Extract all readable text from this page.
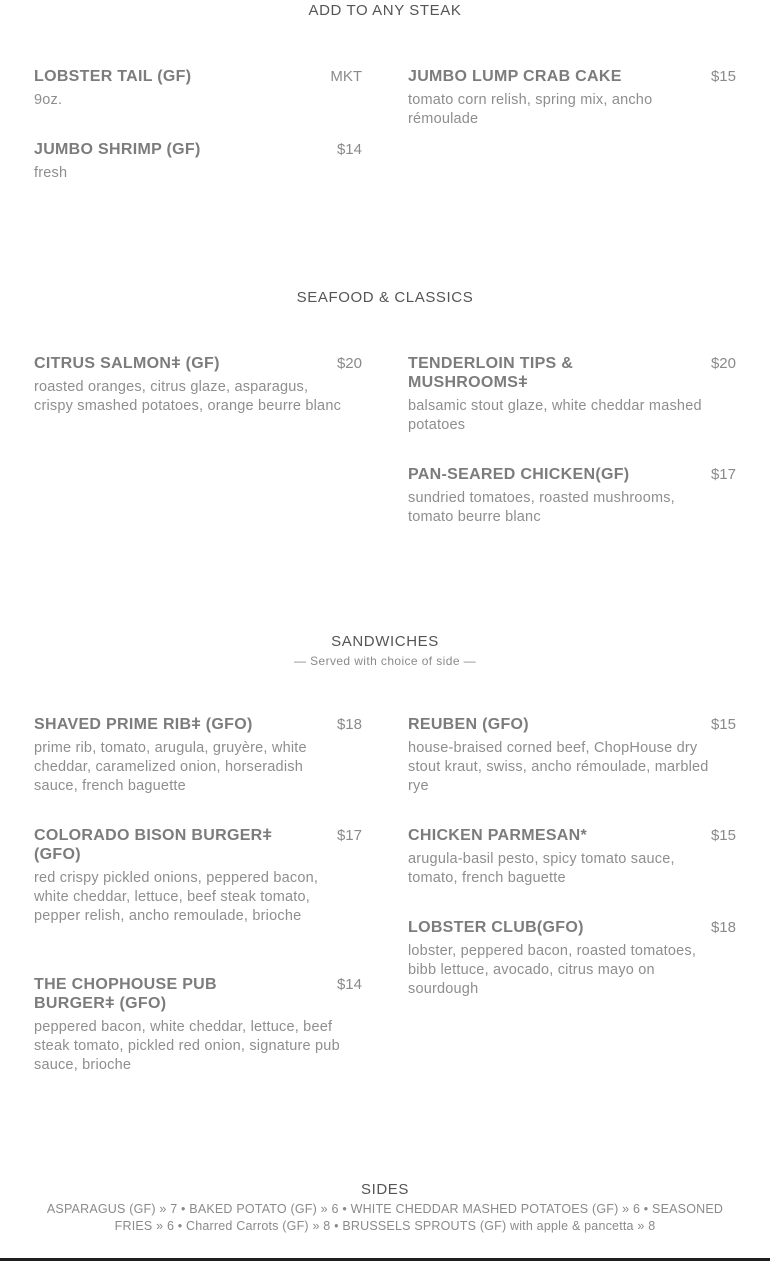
ADD TO ANY STEAK
LOBSTER TAIL (GF)	MKT
9oz.
JUMBO LUMP CRAB CAKE	$15
tomato corn relish, spring mix, ancho rémoulade
JUMBO SHRIMP (GF)	$14
fresh
SEAFOOD & CLASSICS
CITRUS SALMONǂ (GF)	$20
roasted oranges, citrus glaze, asparagus, crispy smashed potatoes, orange beurre blanc
TENDERLOIN TIPS & MUSHROOMSǂ
$20
balsamic stout glaze, white cheddar mashed potatoes
PAN-SEARED CHICKEN(GF)	$17
sundried tomatoes, roasted mushrooms, tomato beurre blanc
SANDWICHES
— Served with choice of side —
SHAVED PRIME RIBǂ (GFO)	$18
prime rib, tomato, arugula, gruyère, white cheddar, caramelized onion, horseradish sauce, french baguette
REUBEN (GFO)	$15
house-braised corned beef, ChopHouse dry stout kraut, swiss, ancho rémoulade, marbled rye
COLORADO BISON BURGERǂ (GFO)
$17
red crispy pickled onions, peppered bacon, white cheddar, lettuce, beef steak tomato, pepper relish, ancho remoulade, brioche
CHICKEN PARMESAN*	$15
arugula-basil pesto, spicy tomato sauce, tomato, french baguette
THE CHOPHOUSE PUB BURGERǂ (GFO)
$14
peppered bacon, white cheddar, lettuce, beef steak tomato, pickled red onion, signature pub sauce, brioche
LOBSTER CLUB(GFO)	$18
lobster, peppered bacon, roasted tomatoes, bibb lettuce, avocado, citrus mayo on sourdough
SIDES
ASPARAGUS (GF) » 7 • BAKED POTATO (GF) » 6 • WHITE CHEDDAR MASHED POTATOES (GF) » 6 • SEASONED FRIES » 6 • Charred Carrots (GF) » 8 • BRUSSELS SPROUTS (GF) with apple & pancetta » 8
